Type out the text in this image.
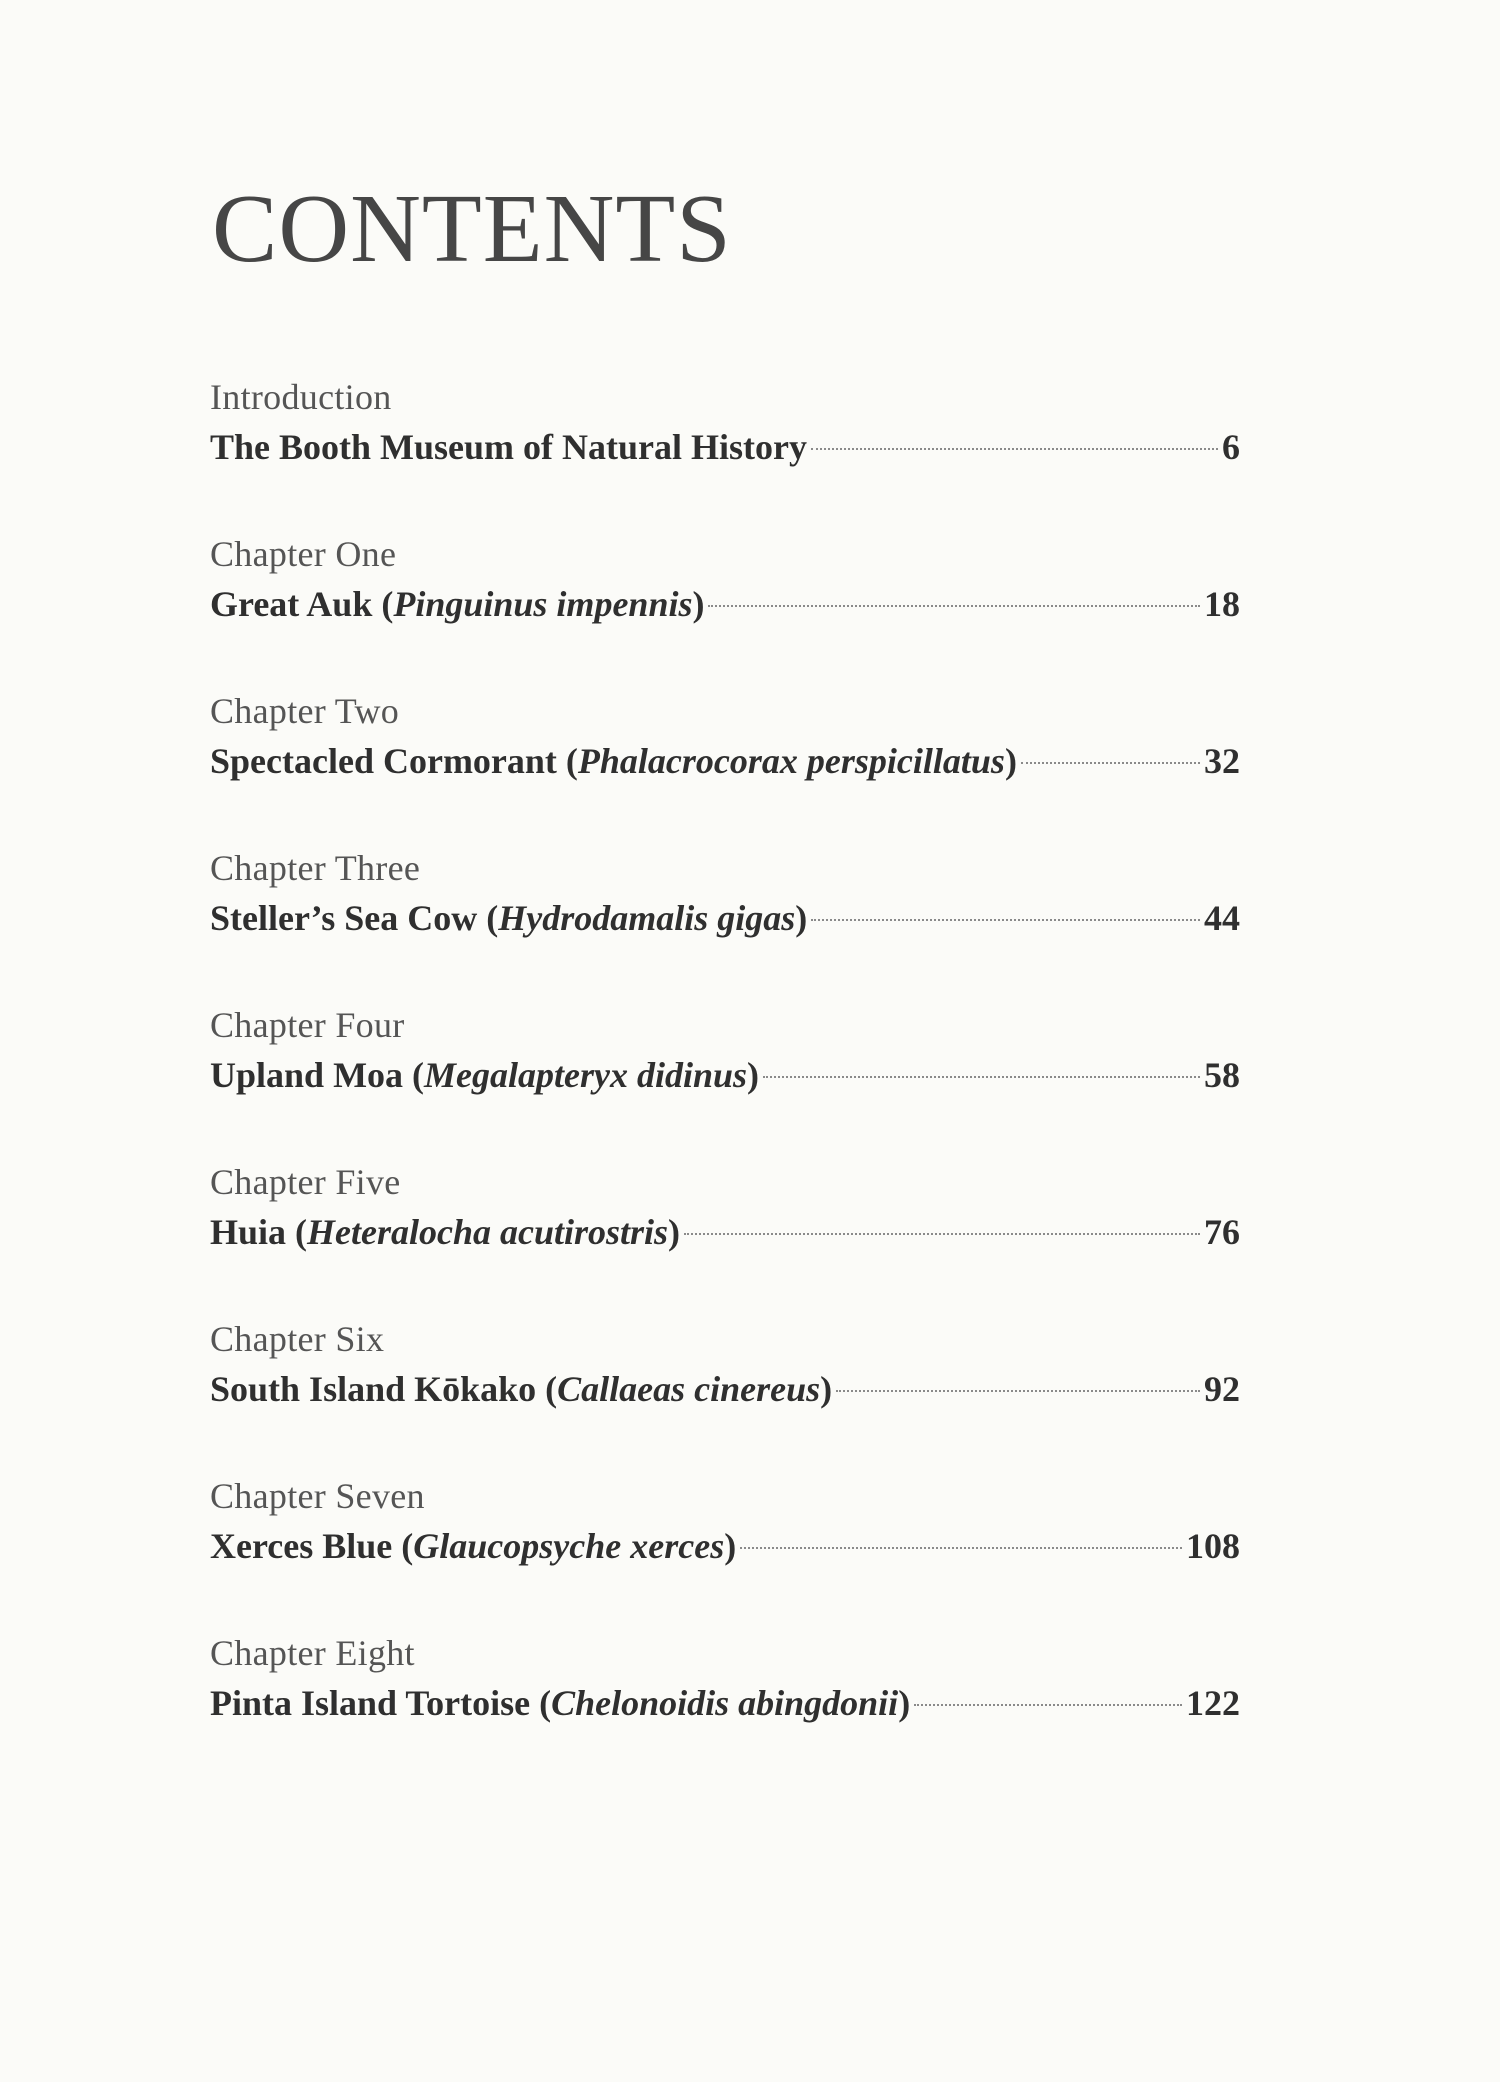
CONTENTS
Introduction
The Booth Museum of Natural History	6
Chapter One
Great Auk (Pinguinus impennis)	18
Chapter Two
Spectacled Cormorant (Phalacrocorax perspicillatus)	32
Chapter Three
Steller’s Sea Cow (Hydrodamalis gigas)	44
Chapter Four
Upland Moa (Megalapteryx didinus)	58
Chapter Five
Huia (Heteralocha acutirostris)	76
Chapter Six
South Island Kōkako (Callaeas cinereus)	92
Chapter Seven
Xerces Blue (Glaucopsyche xerces)	108
Chapter Eight
Pinta Island Tortoise (Chelonoidis abingdonii)	122
